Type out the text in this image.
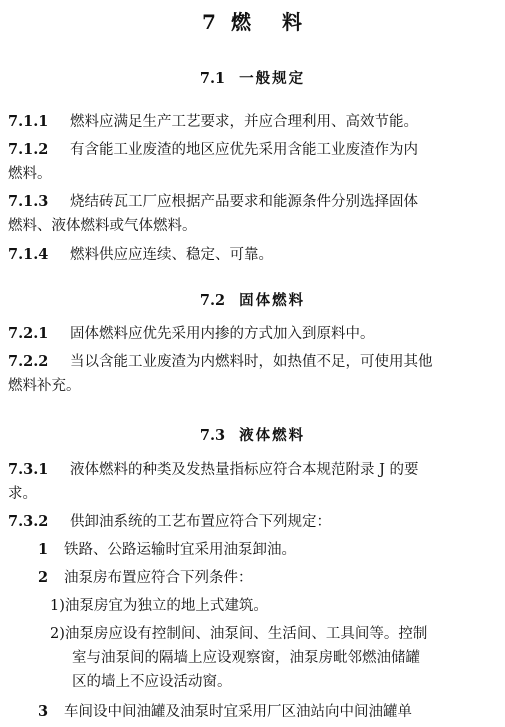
7 燃 料
7.1 一般规定
7.1.1 燃料应满足生产工艺要求，并应合理利用、高效节能。
7.1.2 有含能工业废渣的地区应优先采用含能工业废渣作为内
燃料。
7.1.3 烧结砖瓦工厂应根据产品要求和能源条件分别选择固体
燃料、液体燃料或气体燃料。
7.1.4 燃料供应应连续、稳定、可靠。
7.2 固体燃料
7.2.1 固体燃料应优先采用内掺的方式加入到原料中。
7.2.2 当以含能工业废渣为内燃料时，如热值不足，可使用其他
燃料补充。
7.3 液体燃料
7.3.1 液体燃料的种类及发热量指标应符合本规范附录 J 的要
求。
7.3.2 供卸油系统的工艺布置应符合下列规定：
1 铁路、公路运输时宜采用油泵卸油。
2 油泵房布置应符合下列条件：
1)油泵房宜为独立的地上式建筑。
2)油泵房应设有控制间、油泵间、生活间、工具间等。控制
室与油泵间的隔墙上应设观察窗，油泵房毗邻燃油储罐
区的墙上不应设活动窗。
3 车间设中间油罐及油泵时宜采用厂区油站向中间油罐单
